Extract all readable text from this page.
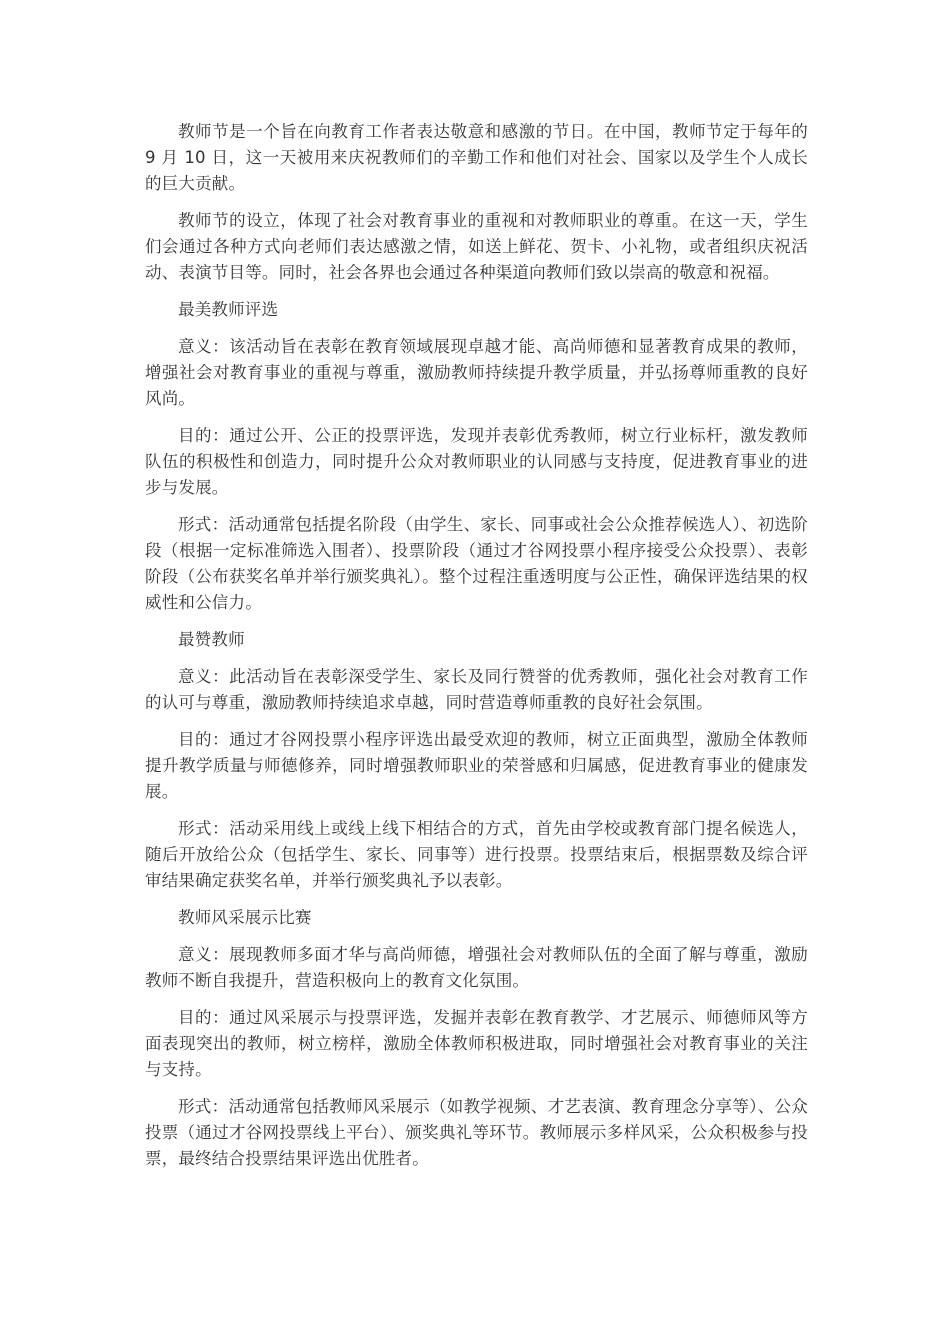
教师节是一个旨在向教育工作者表达敬意和感激的节日。在中国，教师节定于每年的 9 月 10 日，这一天被用来庆祝教师们的辛勤工作和他们对社会、国家以及学生个人成长的巨大贡献。

教师节的设立，体现了社会对教育事业的重视和对教师职业的尊重。在这一天，学生们会通过各种方式向老师们表达感激之情，如送上鲜花、贺卡、小礼物，或者组织庆祝活动、表演节目等。同时，社会各界也会通过各种渠道向教师们致以崇高的敬意和祝福。

最美教师评选

意义：该活动旨在表彰在教育领域展现卓越才能、高尚师德和显著教育成果的教师，增强社会对教育事业的重视与尊重，激励教师持续提升教学质量，并弘扬尊师重教的良好风尚。

目的：通过公开、公正的投票评选，发现并表彰优秀教师，树立行业标杆，激发教师队伍的积极性和创造力，同时提升公众对教师职业的认同感与支持度，促进教育事业的进步与发展。

形式：活动通常包括提名阶段（由学生、家长、同事或社会公众推荐候选人）、初选阶段（根据一定标准筛选入围者）、投票阶段（通过才谷网投票小程序接受公众投票）、表彰阶段（公布获奖名单并举行颁奖典礼）。整个过程注重透明度与公正性，确保评选结果的权威性和公信力。

最赞教师

意义：此活动旨在表彰深受学生、家长及同行赞誉的优秀教师，强化社会对教育工作的认可与尊重，激励教师持续追求卓越，同时营造尊师重教的良好社会氛围。

目的：通过才谷网投票小程序评选出最受欢迎的教师，树立正面典型，激励全体教师提升教学质量与师德修养，同时增强教师职业的荣誉感和归属感，促进教育事业的健康发展。

形式：活动采用线上或线上线下相结合的方式，首先由学校或教育部门提名候选人，随后开放给公众（包括学生、家长、同事等）进行投票。投票结束后，根据票数及综合评审结果确定获奖名单，并举行颁奖典礼予以表彰。

教师风采展示比赛

意义：展现教师多面才华与高尚师德，增强社会对教师队伍的全面了解与尊重，激励教师不断自我提升，营造积极向上的教育文化氛围。

目的：通过风采展示与投票评选，发掘并表彰在教育教学、才艺展示、师德师风等方面表现突出的教师，树立榜样，激励全体教师积极进取，同时增强社会对教育事业的关注与支持。

形式：活动通常包括教师风采展示（如教学视频、才艺表演、教育理念分享等）、公众投票（通过才谷网投票线上平台）、颁奖典礼等环节。教师展示多样风采，公众积极参与投票，最终结合投票结果评选出优胜者。
